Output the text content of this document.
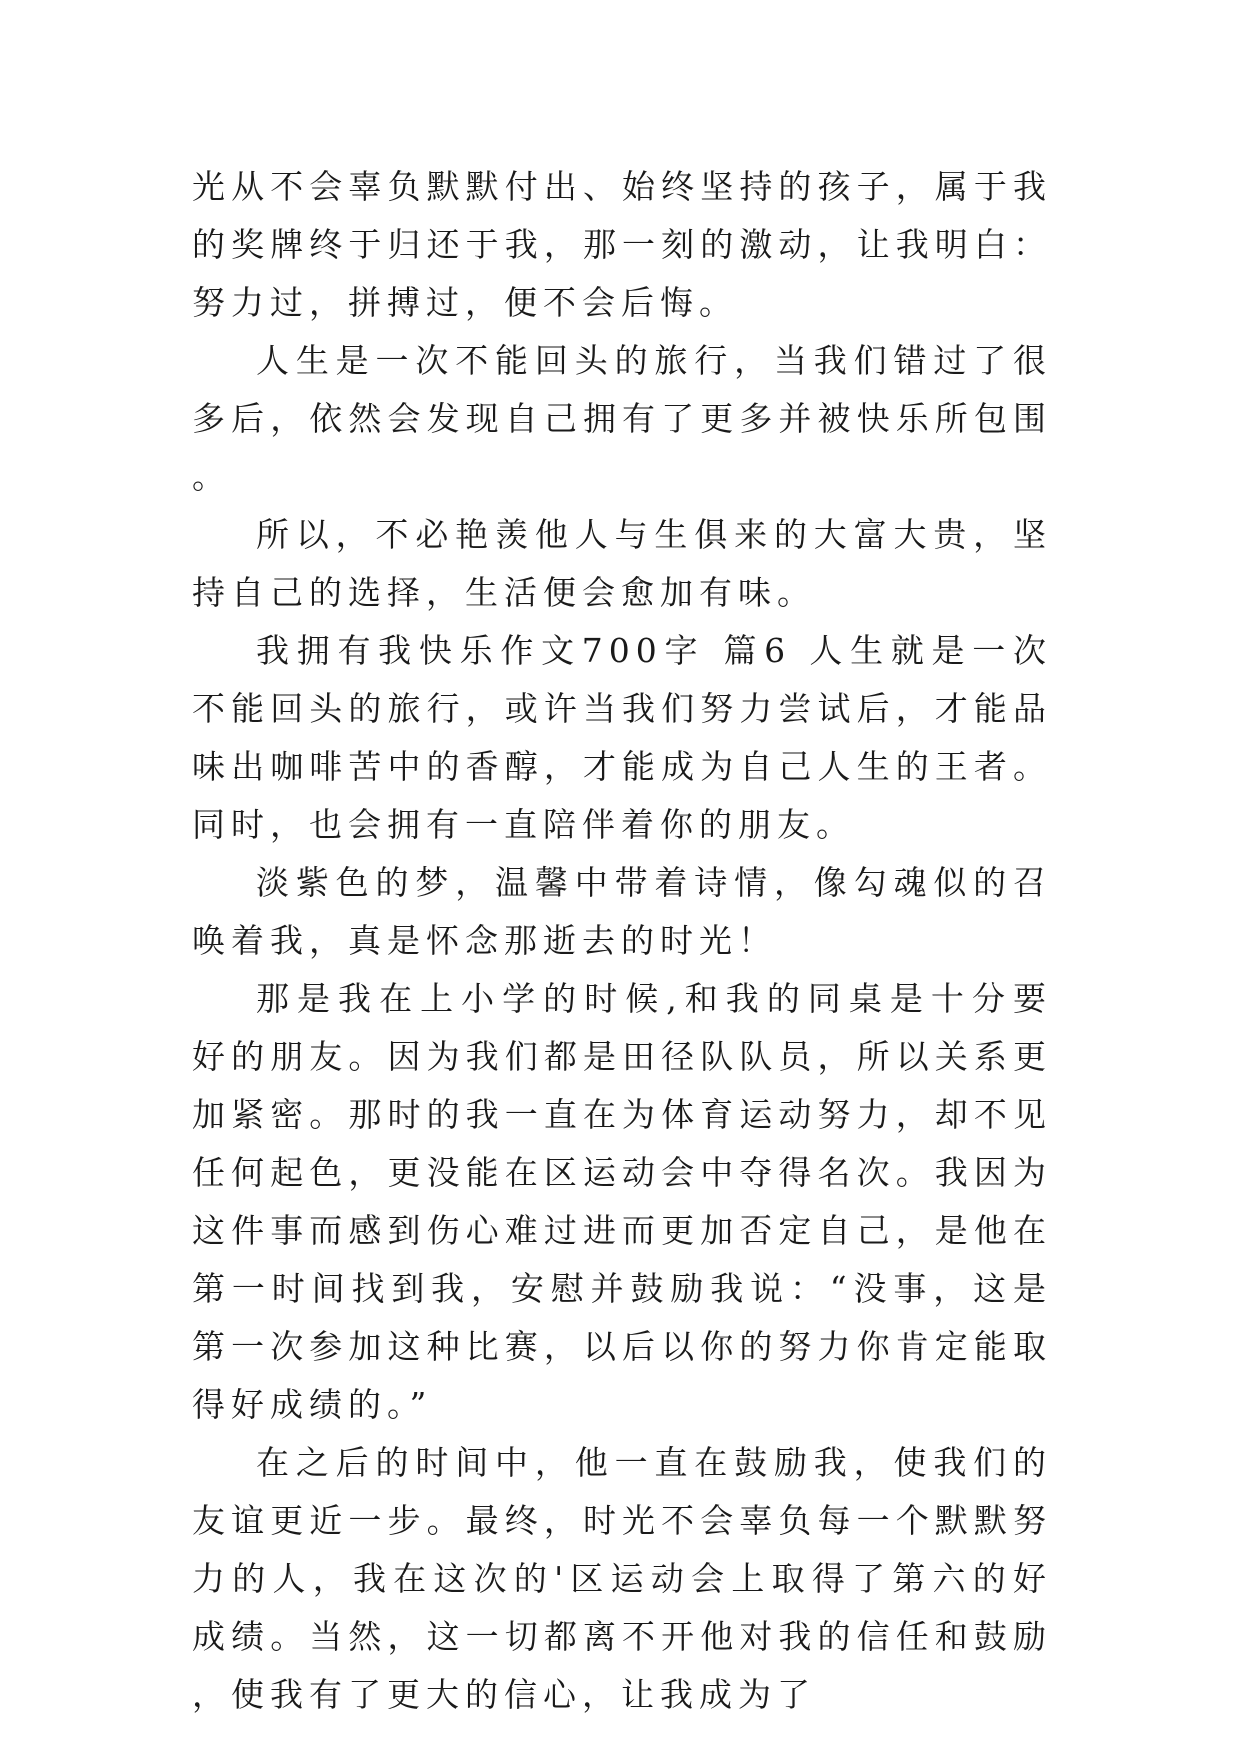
光从不会辜负默默付出、始终坚持的孩子，属于我的奖牌终于归还于我，那一刻的激动，让我明白：努力过，拼搏过，便不会后悔。

人生是一次不能回头的旅行，当我们错过了很多后，依然会发现自己拥有了更多并被快乐所包围。

所以，不必艳羡他人与生俱来的大富大贵，坚持自己的选择，生活便会愈加有味。

我拥有我快乐作文700字 篇6 人生就是一次不能回头的旅行，或许当我们努力尝试后，才能品味出咖啡苦中的香醇，才能成为自己人生的王者。同时，也会拥有一直陪伴着你的朋友。

淡紫色的梦，温馨中带着诗情，像勾魂似的召唤着我，真是怀念那逝去的时光！

那是我在上小学的时候,和我的同桌是十分要好的朋友。因为我们都是田径队队员，所以关系更加紧密。那时的我一直在为体育运动努力，却不见任何起色，更没能在区运动会中夺得名次。我因为这件事而感到伤心难过进而更加否定自己，是他在第一时间找到我，安慰并鼓励我说：“没事，这是第一次参加这种比赛，以后以你的努力你肯定能取得好成绩的。”

在之后的时间中，他一直在鼓励我，使我们的友谊更近一步。最终，时光不会辜负每一个默默努力的人，我在这次的'区运动会上取得了第六的好成绩。当然，这一切都离不开他对我的信任和鼓励，使我有了更大的信心，让我成为了
